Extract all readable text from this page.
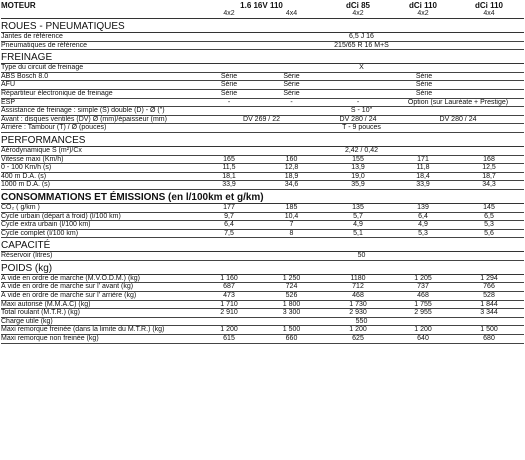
MOTEUR	1.6 16V 110		dCi 85	dCi 110	dCi 110
	4x2	4x4	4x2	4x2	4x4
ROUES - PNEUMATIQUES					
Jantes de référence	6,5 J 16				
Pneumatiques de référence	215/65 R 16 M+S				
FREINAGE					
Type du circuit de freinage	X				
ABS Bosch 8.0	Série	Série	Série		
AFU	Série	Série	Série		
Répartiteur électronique de freinage	Série	Série	Série		
ESP	-	-	-	Option (sur Lauréate + Prestige)	
Assistance de freinage : simple (S) double (D) - Ø (")	S - 10"				
Avant : disques ventilés (DV) Ø (mm)/épaisseur (mm)	DV 269 / 22		DV 280 / 24	DV 280 / 24	
Arrière : Tambour (T) / Ø (pouces)	T - 9 pouces				
PERFORMANCES					
Aérodynamique S (m²)/Cx	2,42 / 0,42				
Vitesse maxi (Km/h)	165	160	155	171	168
0 - 100 Km/h (s)	11,5	12,8	13,9	11,8	12,5
400 m D.A. (s)	18,1	18,9	19,0	18,4	18,7
1000 m D.A. (s)	33,9	34,6	35,9	33,9	34,3
CONSOMMATIONS ET ÉMISSIONS (en l/100km et g/km)					
CO₂ ( g/km )	177	185	135	139	145
Cycle urbain (départ à froid) (l/100 km)	9,7	10,4	5,7	6,4	6,5
Cycle extra urbain (l/100 km)	6,4	7	4,9	4,9	5,3
Cycle complet (l/100 km)	7,5	8	5,1	5,3	5,6
CAPACITÉ					
Réservoir (litres)	50				
POIDS (kg)					
À vide en ordre de marche (M.V.O.D.M.) (kg)	1 160	1 250	1180	1 205	1 294
À vide en ordre de marche sur l' avant (kg)	687	724	712	737	766
À vide en ordre de marche sur l' arrière (kg)	473	526	468	468	528
Maxi autorisé (M.M.A.C) (kg)	1 710	1 800	1 730	1 755	1 844
Total roulant (M.T.R.) (kg)	2 910	3 300	2 930	2 955	3 344
Charge utile (kg)	550				
Maxi remorque freinée (dans la limite du M.T.R.) (kg)	1 200	1 500	1 200	1 200	1 500
Maxi remorque non freinée (kg)	615	660	625	640	680
